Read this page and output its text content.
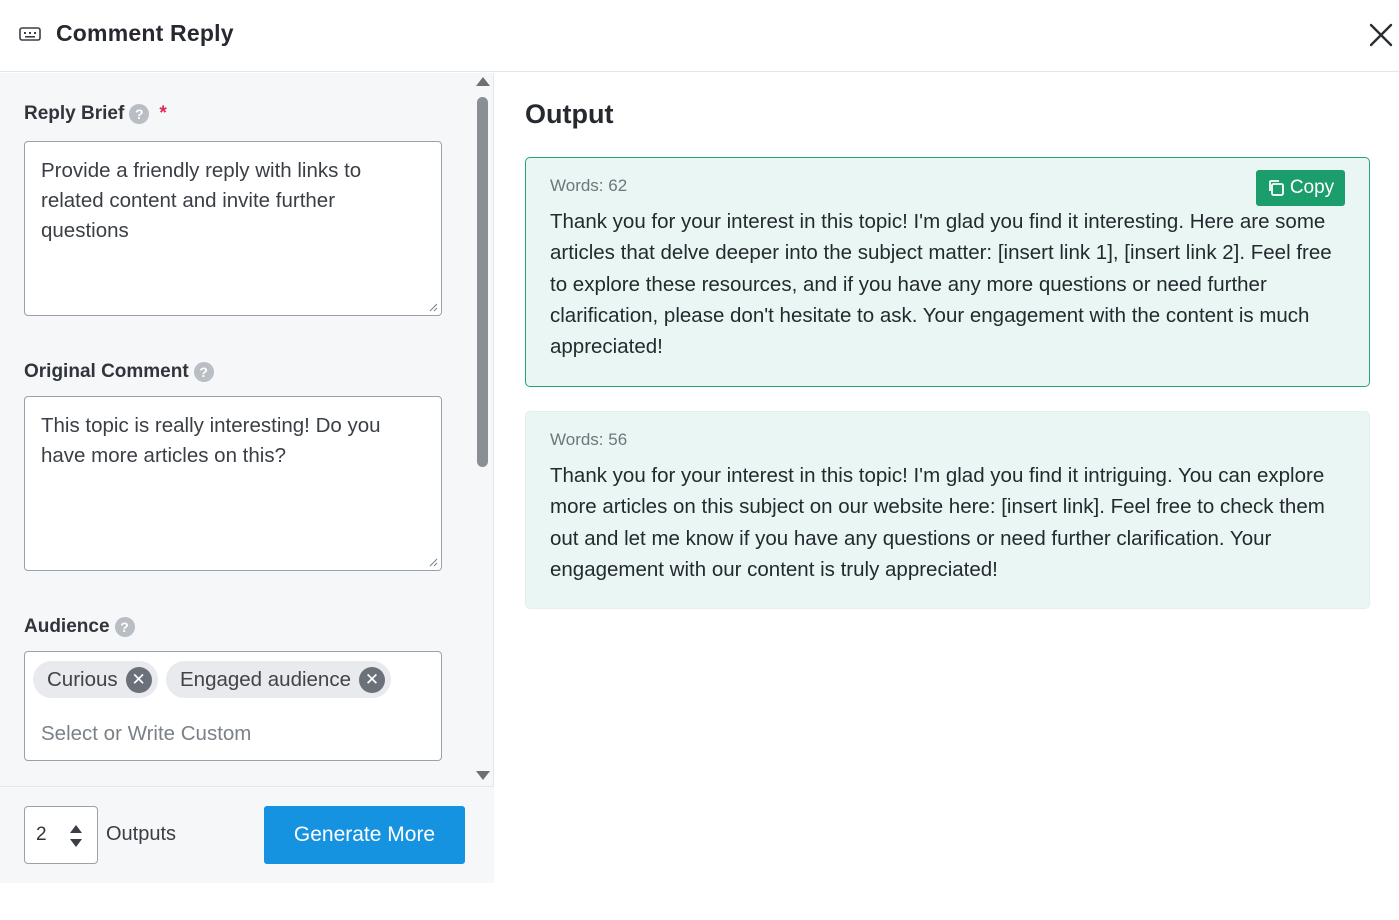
Comment Reply
Reply Brief ? *
Provide a friendly reply with links to related content and invite further questions
Original Comment ?
This topic is really interesting! Do you have more articles on this?
Audience ?
Curious ✕ Engaged audience ✕
Select or Write Custom
2	Outputs	Generate More
Output
Words: 62
Thank you for your interest in this topic! I'm glad you find it interesting. Here are some articles that delve deeper into the subject matter: [insert link 1], [insert link 2]. Feel free to explore these resources, and if you have any more questions or need further clarification, please don't hesitate to ask. Your engagement with the content is much appreciated!
Copy
Words: 56
Thank you for your interest in this topic! I'm glad you find it intriguing. You can explore more articles on this subject on our website here: [insert link]. Feel free to check them out and let me know if you have any questions or need further clarification. Your engagement with our content is truly appreciated!
